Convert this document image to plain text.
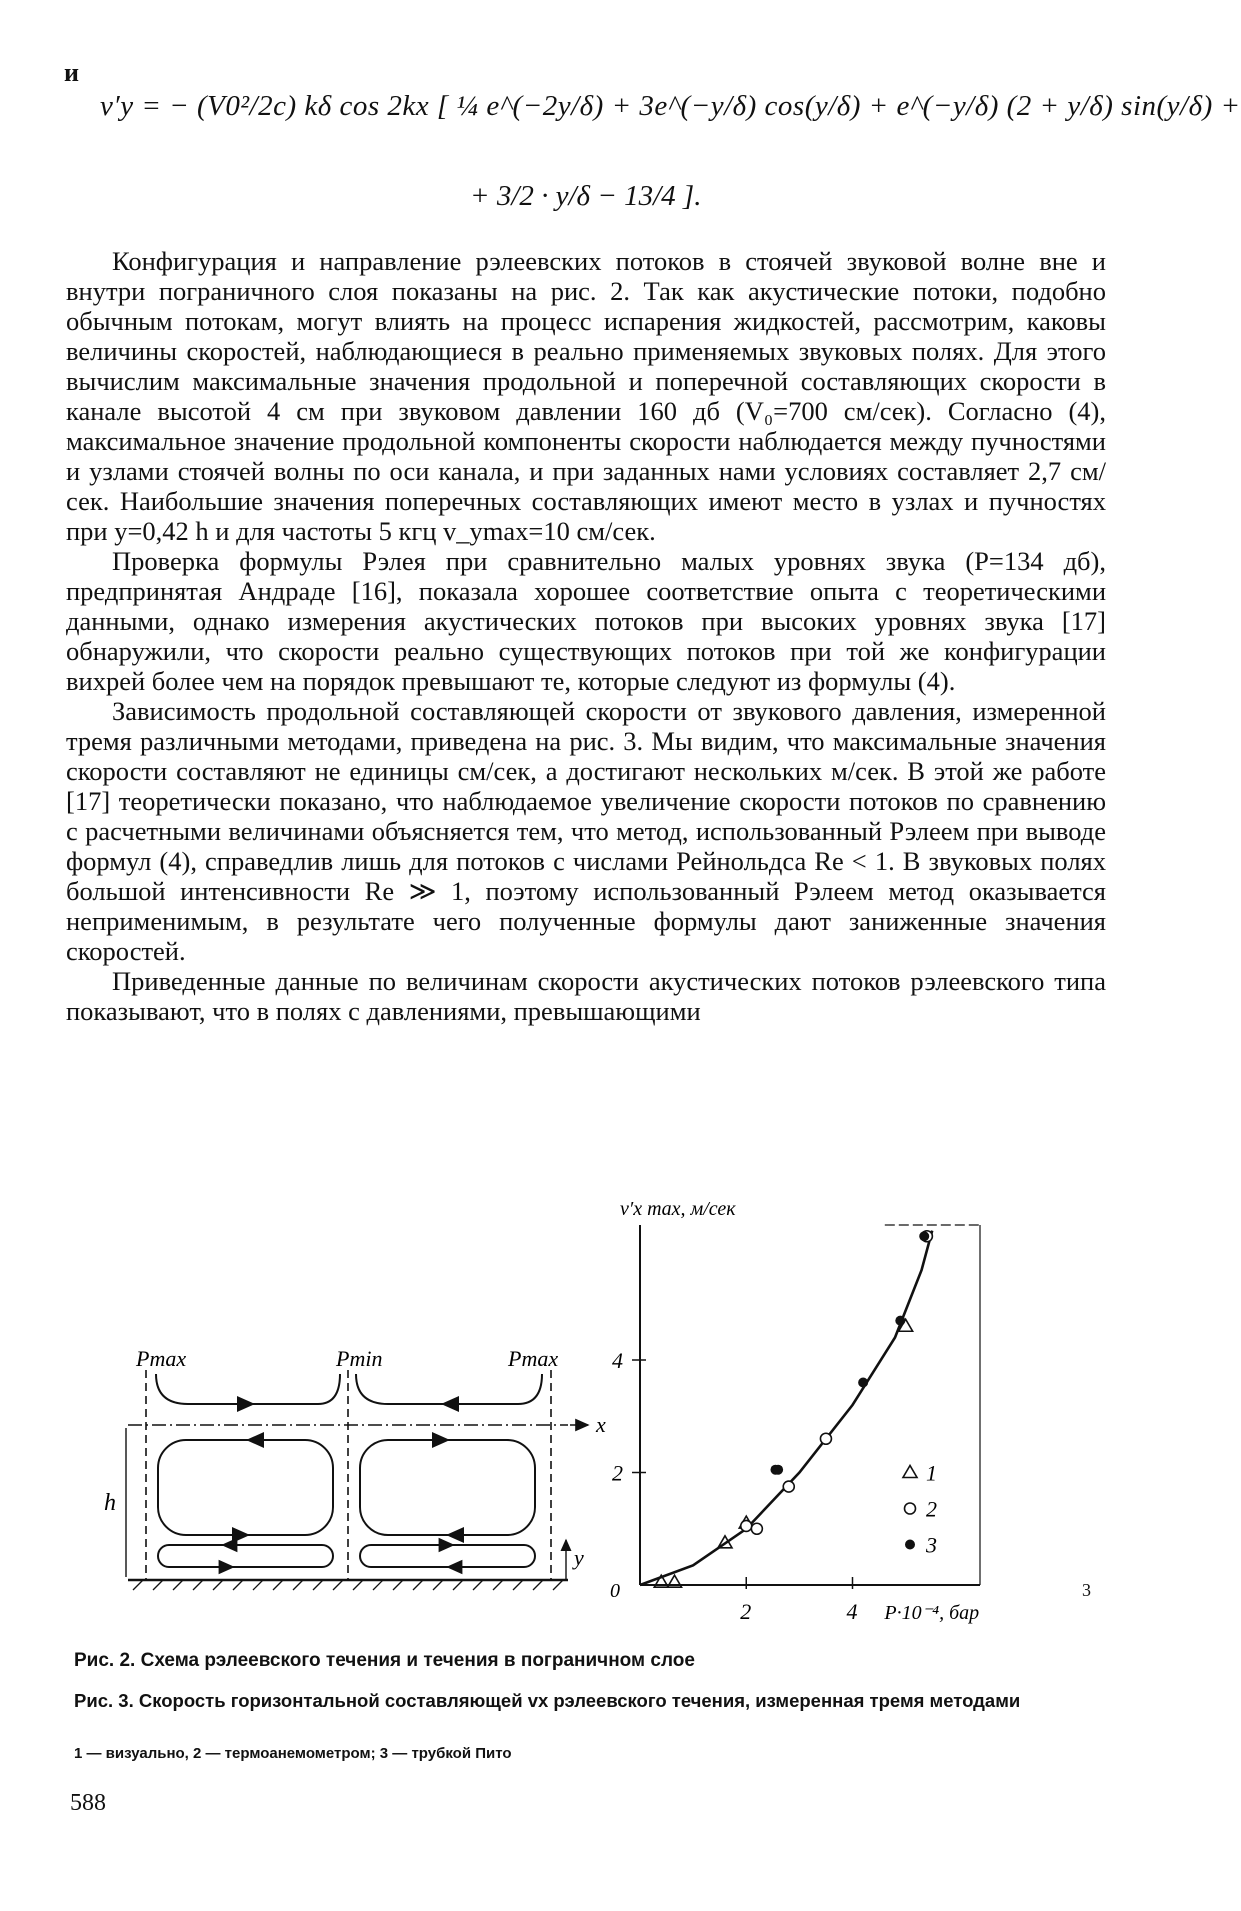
и
v′y = − (V0²/2c) kδ cos 2kx [ ¼ e^(−2y/δ) + 3e^(−y/δ) cos(y/δ) + e^(−y/δ) (2 + y/δ) sin(y/δ) +
+ 3/2 · y/δ − 13/4 ].

Конфигурация и направление рэлеевских потоков в стоячей звуковой волне вне и внутри пограничного слоя показаны на рис. 2. Так как акустические потоки, подобно обычным потокам, могут влиять на процесс испарения жидкостей, рассмотрим, каковы величины скоростей, наблюдающиеся в реально применяемых звуковых полях. Для этого вычислим максимальные значения продольной и поперечной составляющих скорости в канале высотой 4 см при звуковом давлении 160 дб (V₀=700 см/сек). Согласно (4), максимальное значение продольной компоненты скорости наблюдается между пучностями и узлами стоячей волны по оси канала, и при заданных нами условиях составляет 2,7 см/сек. Наибольшие значения поперечных составляющих имеют место в узлах и пучностях при y=0,42 h и для частоты 5 кгц v_ymax=10 см/сек.

Проверка формулы Рэлея при сравнительно малых уровнях звука (P=134 дб), предпринятая Андраде [16], показала хорошее соответствие опыта с теоретическими данными, однако измерения акустических потоков при высоких уровнях звука [17] обнаружили, что скорости реально существующих потоков при той же конфигурации вихрей более чем на порядок превышают те, которые следуют из формулы (4).

Зависимость продольной составляющей скорости от звукового давления, измеренной тремя различными методами, приведена на рис. 3. Мы видим, что максимальные значения скорости составляют не единицы см/сек, а достигают нескольких м/сек. В этой же работе [17] теоретически показано, что наблюдаемое увеличение скорости потоков по сравнению с расчетными величинами объясняется тем, что метод, использованный Рэлеем при выводе формул (4), справедлив лишь для потоков с числами Рейнольдса Re < 1. В звуковых полях большой интенсивности Re ≫ 1, поэтому использованный Рэлеем метод оказывается неприменимым, в результате чего полученные формулы дают заниженные значения скоростей.

Приведенные данные по величинам скорости акустических потоков рэлеевского типа показывают, что в полях с давлениями, превышающими

Pmax	Pmin	Pmax
x
h
y
v′x max, м/сек
P·10⁻⁴, бар
0
2
4
2	4
1
2
3
3
Рис. 2. Схема рэлеевского течения и течения в пограничном слое
Рис. 3. Скорость горизонтальной составляющей vx рэлеевского течения, измеренная тремя методами
1 — визуально, 2 — термоанемометром; 3 — трубкой Пито
588
